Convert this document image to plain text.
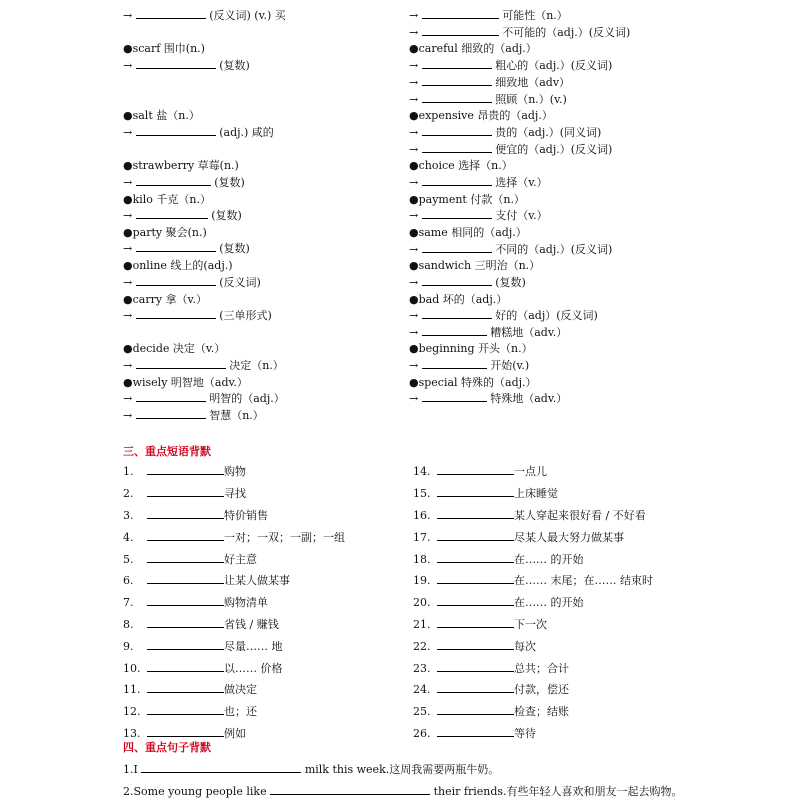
→	(反义词) (v.) 买
●scarf 围巾(n.)
→	(复数)
●salt 盐（n.）
→	(adj.) 咸的
●strawberry 草莓(n.)
→	(复数)
●kilo 千克（n.）
→	(复数)
●party 聚会(n.)
→	(复数)
●online 线上的(adj.)
→	(反义词)
●carry 拿（v.）
→	(三单形式)
●decide 决定（v.）
→	决定（n.）
●wisely 明智地（adv.）
→	明智的（adj.）
→	智慧（n.）
→	可能性（n.）
→	不可能的（adj.）(反义词)
●careful 细致的（adj.）
→	粗心的（adj.）(反义词)
→	细致地（adv）
→	照顾（n.）(v.)
●expensive 昂贵的（adj.）
→	贵的（adj.）(同义词)
→	便宜的（adj.）(反义词)
●choice 选择（n.）
→	选择（v.）
●payment 付款（n.）
→	支付（v.）
●same 相同的（adj.）
→	不同的（adj.）(反义词)
●sandwich 三明治（n.）
→	(复数)
●bad 坏的（adj.）
→	好的（adj）(反义词)
→	糟糕地（adv.）
●beginning 开头（n.）
→	开始(v.)
●special 特殊的（adj.）
→	特殊地（adv.）
三、重点短语背默
1.	购物
2.	寻找
3.	特价销售
4.	一对；一双；一副；一组
5.	好主意
6.	让某人做某事
7.	购物清单
8.	省钱 / 赚钱
9.	尽量…… 地
10.	以…… 价格
11.	做决定
12.	也；还
13.	例如
14.	一点儿
15.	上床睡觉
16.	某人穿起来很好看 / 不好看
17.	尽某人最大努力做某事
18.	在…… 的开始
19.	在…… 末尾；在…… 结束时
20.	在…… 的开始
21.	下一次
22.	每次
23.	总共；合计
24.	付款，偿还
25.	检查；结账
26.	等待
四、重点句子背默
1.I	milk this week.这周我需要两瓶牛奶。
2.Some young people like	their friends.有些年轻人喜欢和朋友一起去购物。
